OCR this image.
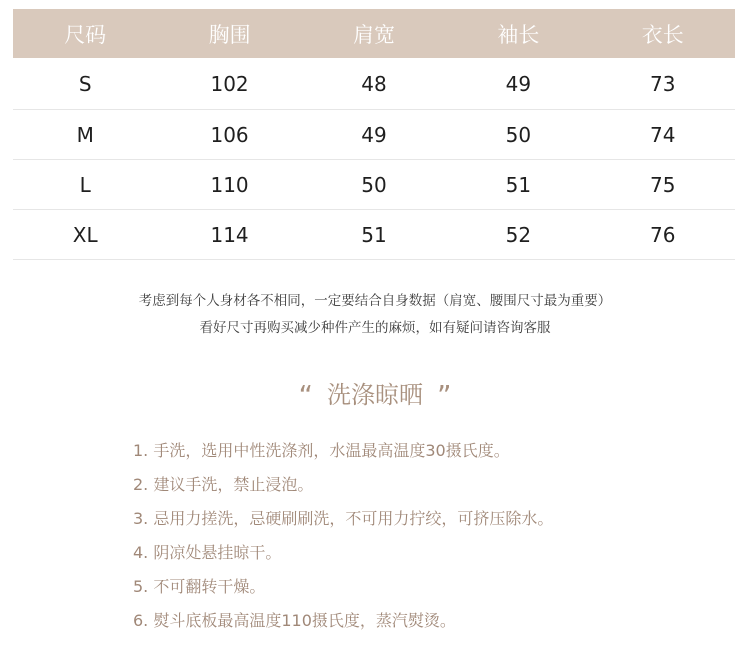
尺码	胸围	肩宽	袖长	衣长
S	102	48	49	73
M	106	49	50	74
L	110	50	51	75
XL	114	51	52	76

考虑到每个人身材各不相同，一定要结合自身数据（肩宽、腰围尺寸最为重要）

看好尺寸再购买减少种件产生的麻烦，如有疑问请咨询客服

“ 洗涤晾晒 ”
1. 手洗，选用中性洗涤剂，水温最高温度30摄氏度。
2. 建议手洗，禁止浸泡。
3. 忌用力搓洗，忌硬刷刷洗，不可用力拧绞，可挤压除水。
4. 阴凉处悬挂晾干。
5. 不可翻转干燥。
6. 熨斗底板最高温度110摄氏度，蒸汽熨烫。
